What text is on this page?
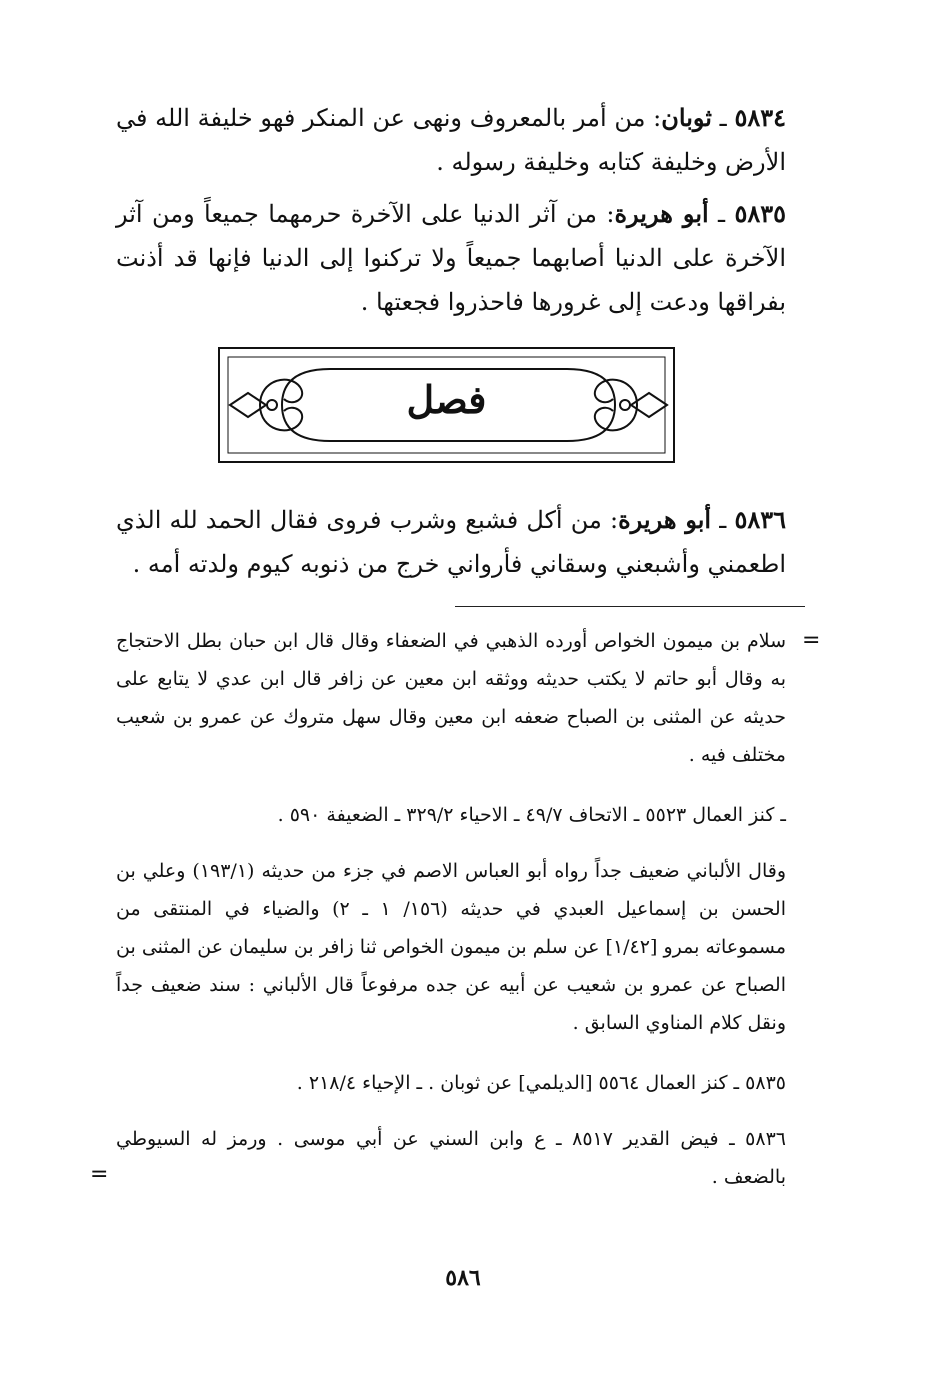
٥٨٣٤ ـ ثوبان: من أمر بالمعروف ونهى عن المنكر فهو خليفة الله في الأرض وخليفة كتابه وخليفة رسوله .
٥٨٣٥ ـ أبو هريرة: من آثر الدنيا على الآخرة حرمهما جميعاً ومن آثر الآخرة على الدنيا أصابهما جميعاً ولا تركنوا إلى الدنيا فإنها قد أذنت بفراقها ودعت إلى غرورها فاحذروا فجعتها .
فصل
٥٨٣٦ ـ أبو هريرة: من أكل فشبع وشرب فروى فقال الحمد لله الذي اطعمني وأشبعني وسقاني فأرواني خرج من ذنوبه كيوم ولدته أمه .
=
سلام بن ميمون الخواص أورده الذهبي في الضعفاء وقال قال ابن حبان بطل الاحتجاج به وقال أبو حاتم لا يكتب حديثه ووثقه ابن معين عن زافر قال ابن عدي لا يتابع على حديثه عن المثنى بن الصباح ضعفه ابن معين وقال سهل متروك عن عمرو بن شعيب مختلف فيه .
ـ كنز العمال ٥٥٢٣ ـ الاتحاف ٤٩/٧ ـ الاحياء ٣٢٩/٢ ـ الضعيفة ٥٩٠ .
وقال الألباني ضعيف جداً رواه أبو العباس الاصم في جزء من حديثه (١٩٣/١) وعلي بن الحسن بن إسماعيل العبدي في حديثه (١٥٦/ ١ ـ ٢) والضياء في المنتقى من مسموعاته بمرو [١/٤٢] عن سلم بن ميمون الخواص ثنا زافر بن سليمان عن المثنى بن الصباح عن عمرو بن شعيب عن أبيه عن جده مرفوعاً قال الألباني : سند ضعيف جداً ونقل كلام المناوي السابق .
٥٨٣٥ ـ كنز العمال ٥٥٦٤ [الديلمي] عن ثوبان . ـ الإحياء ٢١٨/٤ .
٥٨٣٦ ـ فيض القدير ٨٥١٧ ـ ع وابن السني عن أبي موسى . ورمز له السيوطي بالضعف .
=
٥٨٦
